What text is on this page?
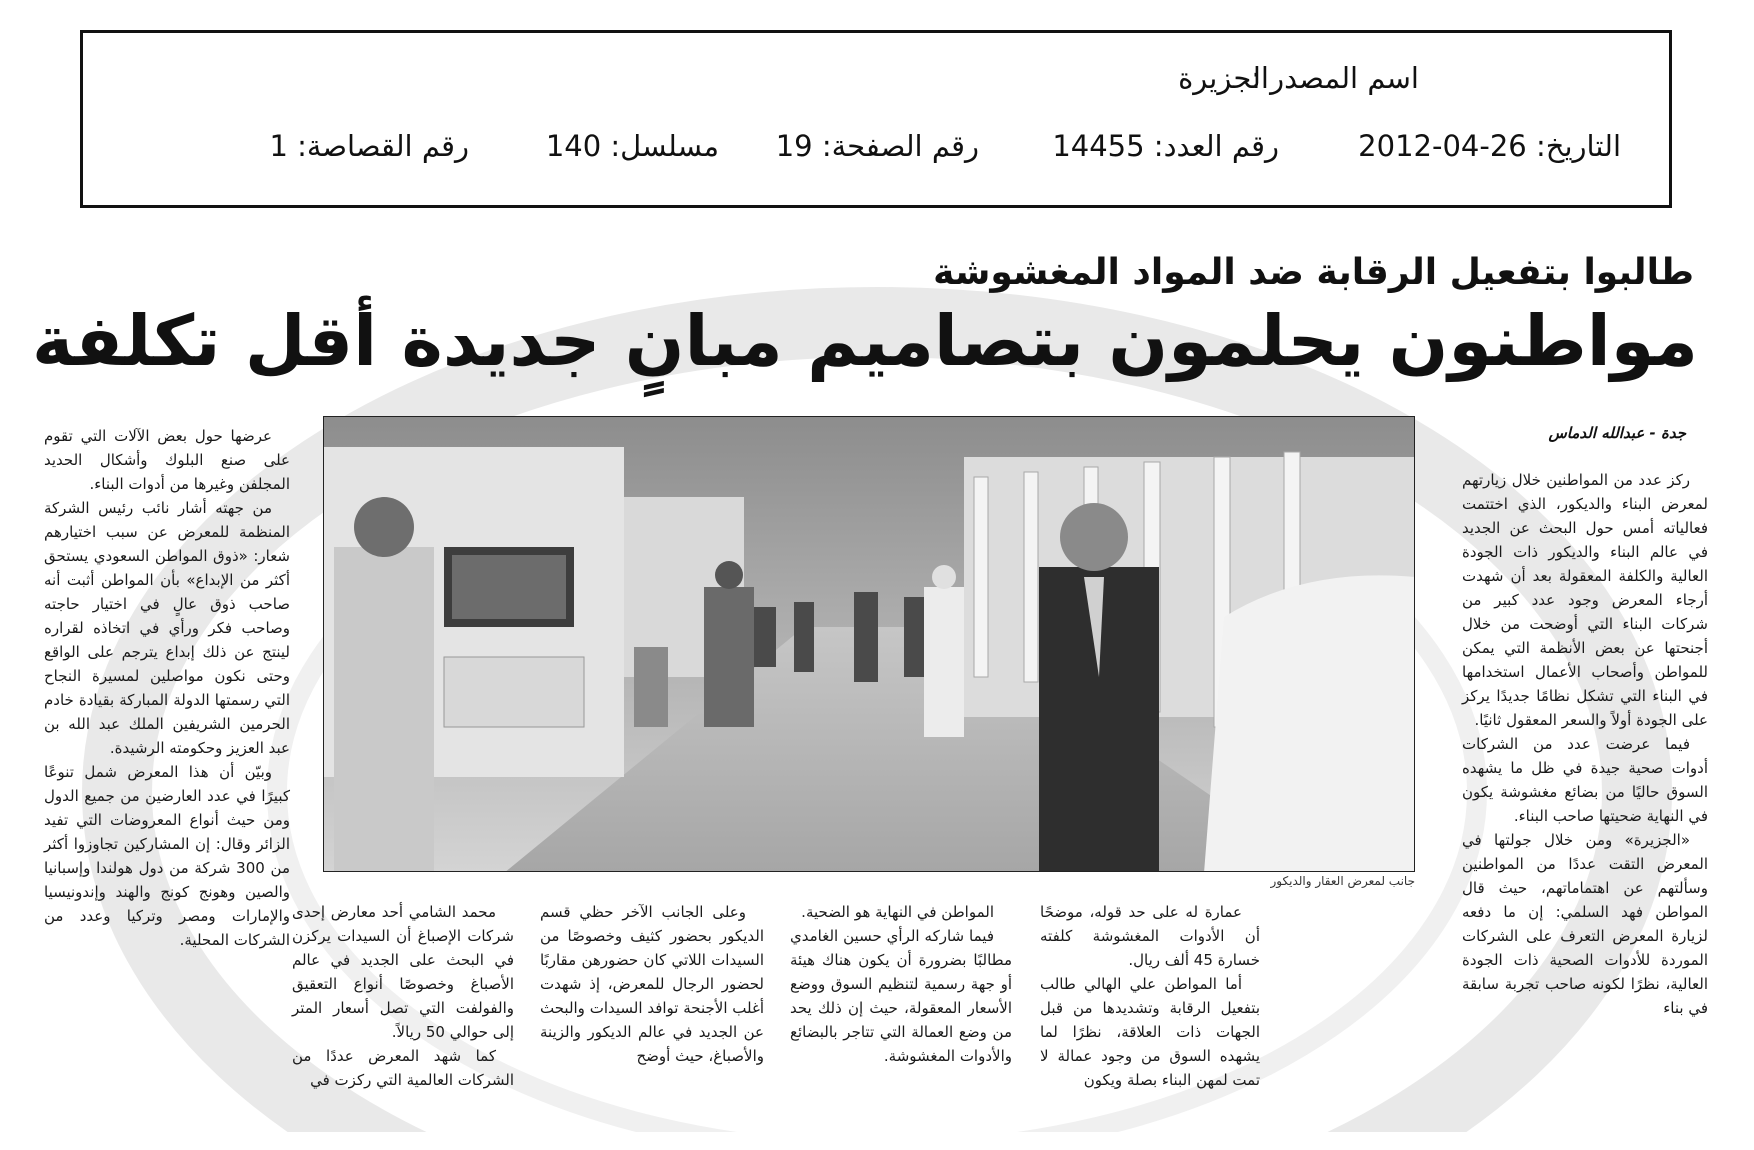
اسم المصدر :
الجزيرة
التاريخ: 26-04-2012
رقم العدد: 14455
رقم الصفحة: 19
مسلسل: 140
رقم القصاصة: 1
طالبوا بتفعيل الرقابة ضد المواد المغشوشة
مواطنون يحلمون بتصاميم مبانٍ جديدة أقل تكلفة
جدة - عبدالله الدماس

ركز عدد من المواطنين خلال زيارتهم لمعرض البناء والديكور، الذي اختتمت فعالياته أمس حول البحث عن الجديد في عالم البناء والديكور ذات الجودة العالية والكلفة المعقولة بعد أن شهدت أرجاء المعرض وجود عدد كبير من شركات البناء التي أوضحت من خلال أجنحتها عن بعض الأنظمة التي يمكن للمواطن وأصحاب الأعمال استخدامها في البناء التي تشكل نظامًا جديدًا يركز على الجودة أولاً والسعر المعقول ثانيًا.

فيما عرضت عدد من الشركات أدوات صحية جيدة في ظل ما يشهده السوق حاليًا من بضائع مغشوشة يكون في النهاية ضحيتها صاحب البناء.

«الجزيرة» ومن خلال جولتها في المعرض التقت عددًا من المواطنين وسألتهم عن اهتماماتهم، حيث قال المواطن فهد السلمي: إن ما دفعه لزيارة المعرض التعرف على الشركات الموردة للأدوات الصحية ذات الجودة العالية، نظرًا لكونه صاحب تجربة سابقة في بناء

جانب لمعرض العقار والديكور

عمارة له على حد قوله، موضحًا أن الأدوات المغشوشة كلفته خسارة 45 ألف ريال.

أما المواطن علي الهالي طالب بتفعيل الرقابة وتشديدها من قبل الجهات ذات العلاقة، نظرًا لما يشهده السوق من وجود عمالة لا تمت لمهن البناء بصلة ويكون

المواطن في النهاية هو الضحية.

فيما شاركه الرأي حسين الغامدي مطالبًا بضرورة أن يكون هناك هيئة أو جهة رسمية لتنظيم السوق ووضع الأسعار المعقولة، حيث إن ذلك يحد من وضع العمالة التي تتاجر بالبضائع والأدوات المغشوشة.

وعلى الجانب الآخر حظي قسم الديكور بحضور كثيف وخصوصًا من السيدات اللاتي كان حضورهن مقاربًا لحضور الرجال للمعرض، إذ شهدت أغلب الأجنحة توافد السيدات والبحث عن الجديد في عالم الديكور والزينة والأصباغ، حيث أوضح

محمد الشامي أحد معارض إحدى شركات الإصباغ أن السيدات يركزن في البحث على الجديد في عالم الأصباغ وخصوصًا أنواع التعقيق والفولفت التي تصل أسعار المتر إلى حوالي 50 ريالاً.

كما شهد المعرض عددًا من الشركات العالمية التي ركزت في

عرضها حول بعض الآلات التي تقوم على صنع البلوك وأشكال الحديد المجلفن وغيرها من أدوات البناء.

من جهته أشار نائب رئيس الشركة المنظمة للمعرض عن سبب اختيارهم شعار: «ذوق المواطن السعودي يستحق أكثر من الإبداع» بأن المواطن أثبت أنه صاحب ذوق عالٍ في اختيار حاجته وصاحب فكر ورأي في اتخاذه لقراره لينتج عن ذلك إبداع يترجم على الواقع وحتى نكون مواصلين لمسيرة النجاح التي رسمتها الدولة المباركة بقيادة خادم الحرمين الشريفين الملك عبد الله بن عبد العزيز وحكومته الرشيدة.

وبيّن أن هذا المعرض شمل تنوعًا كبيرًا في عدد العارضين من جميع الدول ومن حيث أنواع المعروضات التي تفيد الزائر وقال: إن المشاركين تجاوزوا أكثر من 300 شركة من دول هولندا وإسبانيا والصين وهونج كونج والهند وإندونيسيا والإمارات ومصر وتركيا وعدد من الشركات المحلية.
